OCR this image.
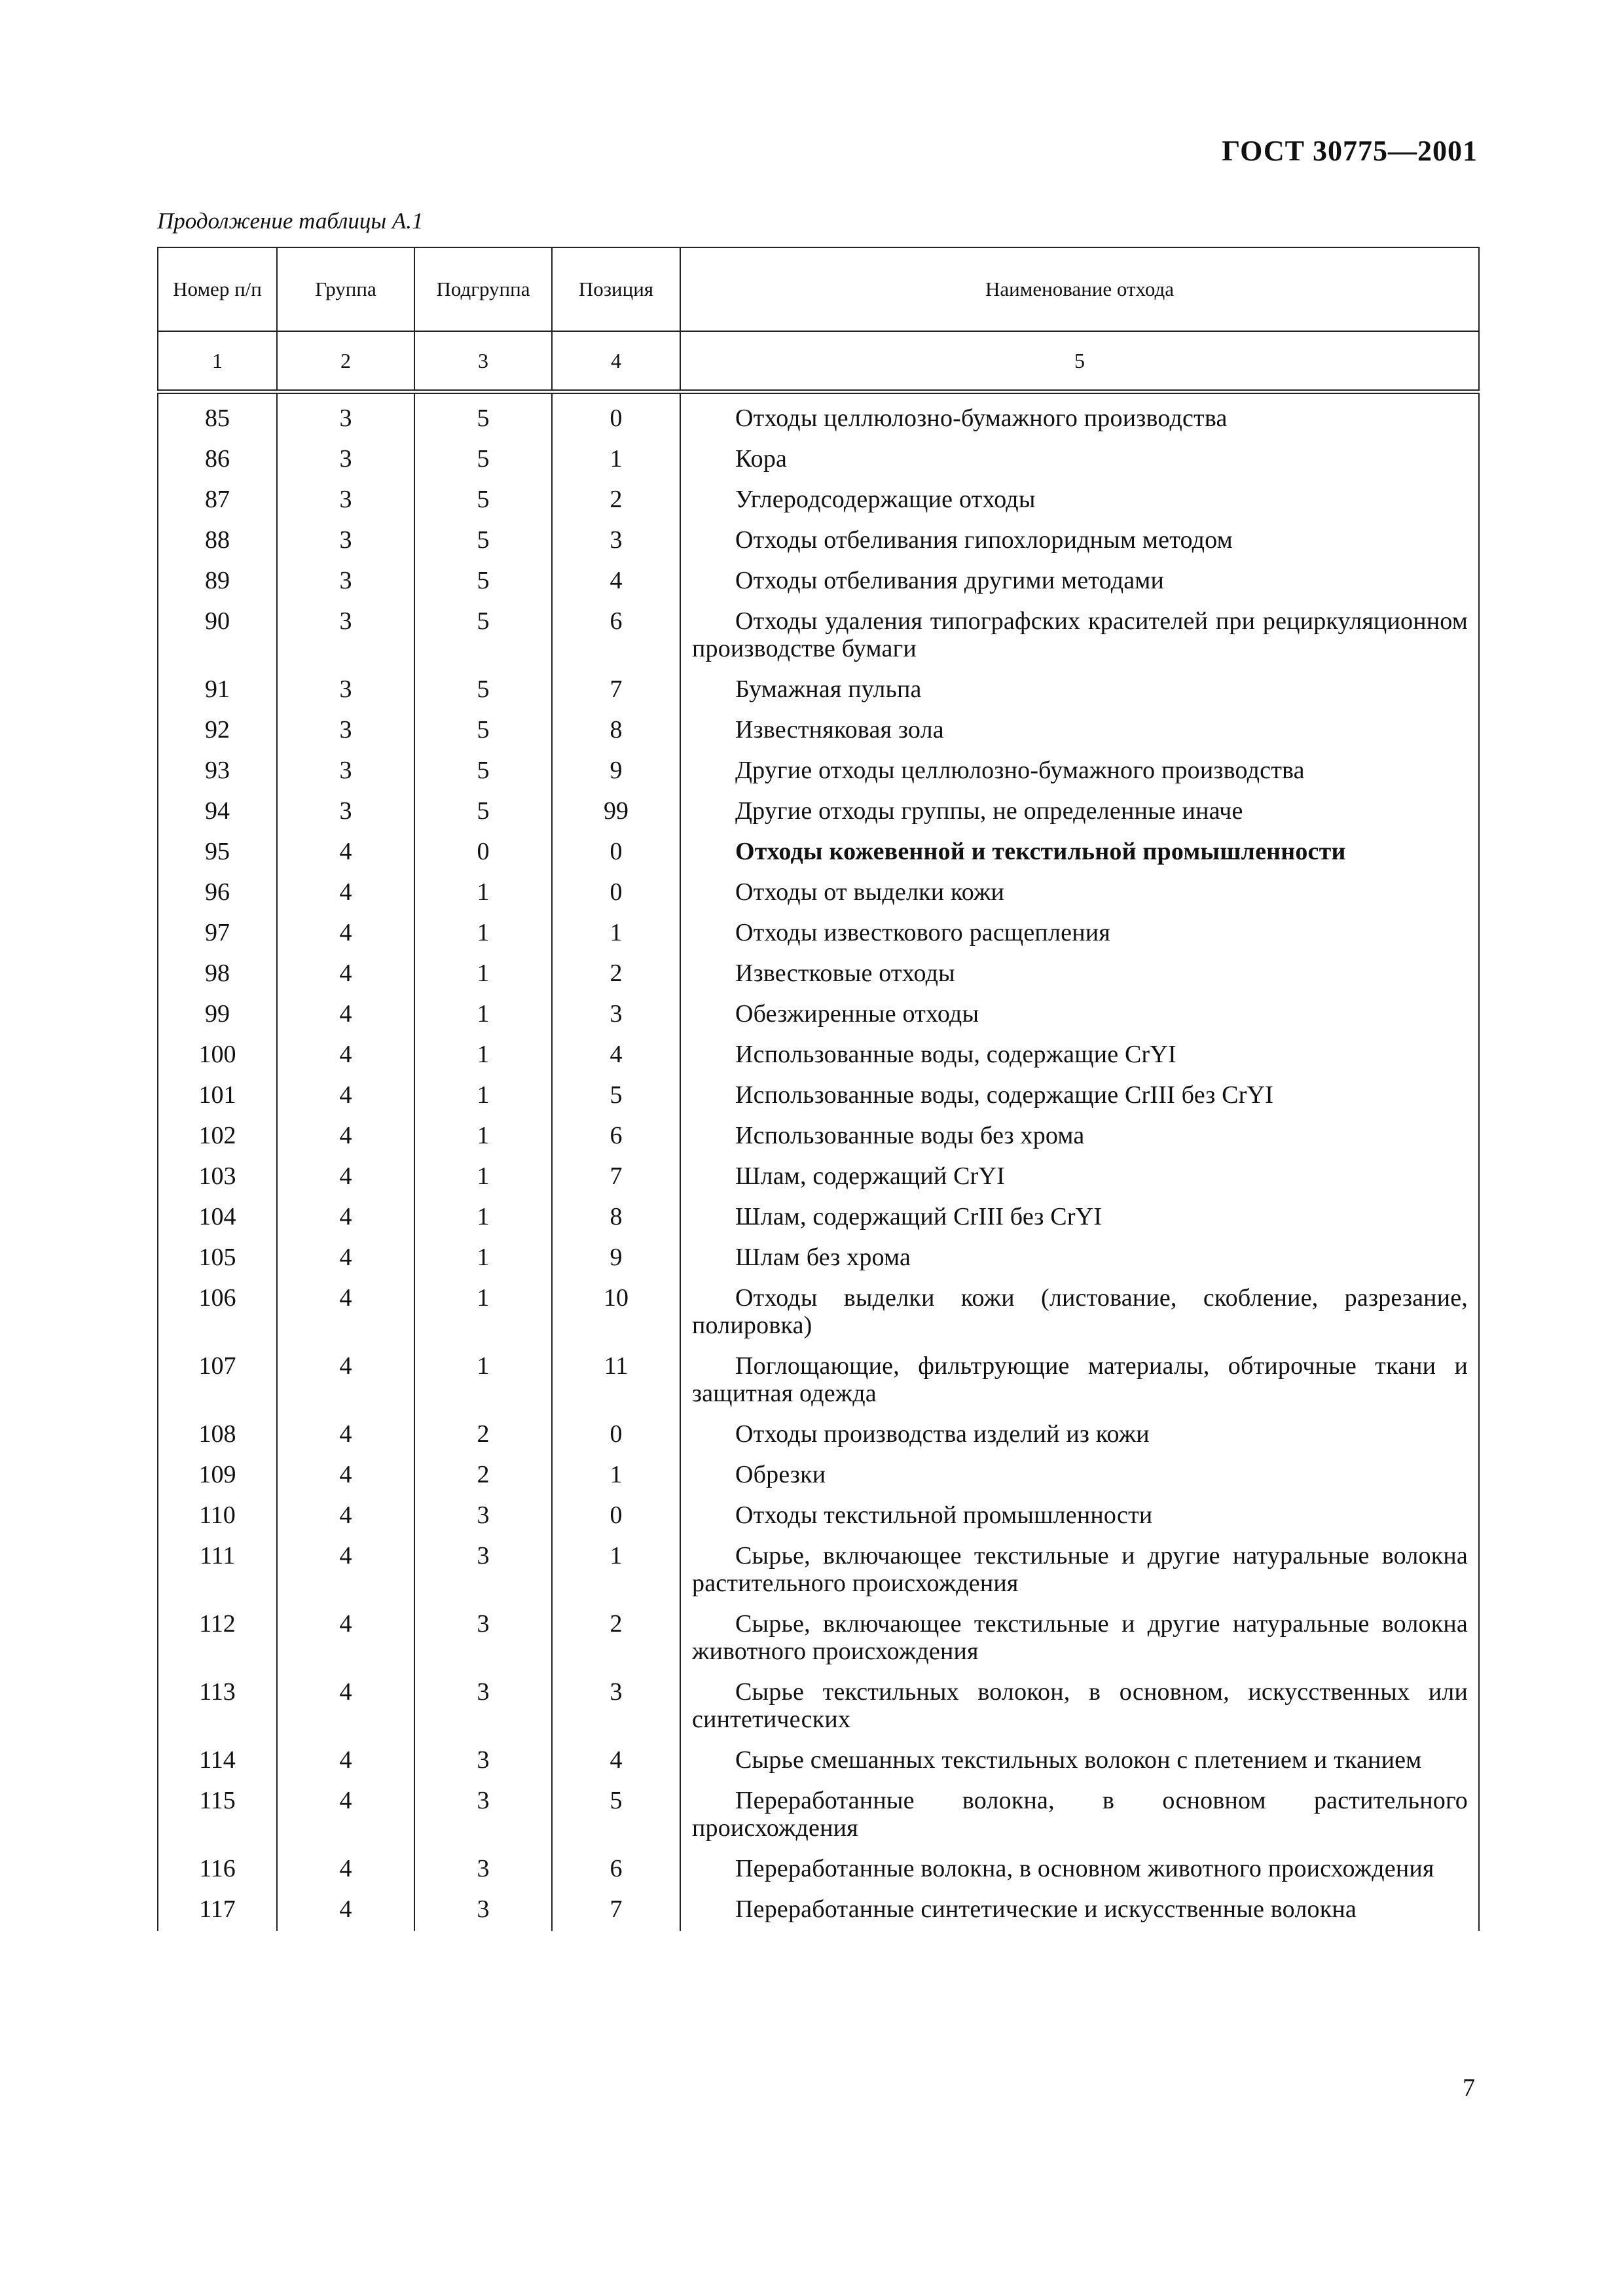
ГОСТ 30775—2001
Продолжение таблицы А.1
Номер п/п	Группа	Подгруппа	Позиция	Наименование отхода
1	2	3	4	5
85	3	5	0	Отходы целлюлозно-бумажного производства
86	3	5	1	Кора
87	3	5	2	Углеродсодержащие отходы
88	3	5	3	Отходы отбеливания гипохлоридным методом
89	3	5	4	Отходы отбеливания другими методами
90	3	5	6	Отходы удаления типографских красителей при рециркуляционном производстве бумаги
91	3	5	7	Бумажная пульпа
92	3	5	8	Известняковая зола
93	3	5	9	Другие отходы целлюлозно-бумажного производства
94	3	5	99	Другие отходы группы, не определенные иначе
95	4	0	0	Отходы кожевенной и текстильной промышленности
96	4	1	0	Отходы от выделки кожи
97	4	1	1	Отходы известкового расщепления
98	4	1	2	Известковые отходы
99	4	1	3	Обезжиренные отходы
100	4	1	4	Использованные воды, содержащие CrYI
101	4	1	5	Использованные воды, содержащие CrIII без CrYI
102	4	1	6	Использованные воды без хрома
103	4	1	7	Шлам, содержащий CrYI
104	4	1	8	Шлам, содержащий CrIII без CrYI
105	4	1	9	Шлам без хрома
106	4	1	10	Отходы выделки кожи (листование, скобление, разрезание, полировка)
107	4	1	11	Поглощающие, фильтрующие материалы, обтирочные ткани и защитная одежда
108	4	2	0	Отходы производства изделий из кожи
109	4	2	1	Обрезки
110	4	3	0	Отходы текстильной промышленности
111	4	3	1	Сырье, включающее текстильные и другие натуральные волокна растительного происхождения
112	4	3	2	Сырье, включающее текстильные и другие натуральные волокна животного происхождения
113	4	3	3	Сырье текстильных волокон, в основном, искусственных или синтетических
114	4	3	4	Сырье смешанных текстильных волокон с плетением и тканием
115	4	3	5	Переработанные волокна, в основном растительного происхождения
116	4	3	6	Переработанные волокна, в основном животного происхождения
117	4	3	7	Переработанные синтетические и искусственные волокна
7
